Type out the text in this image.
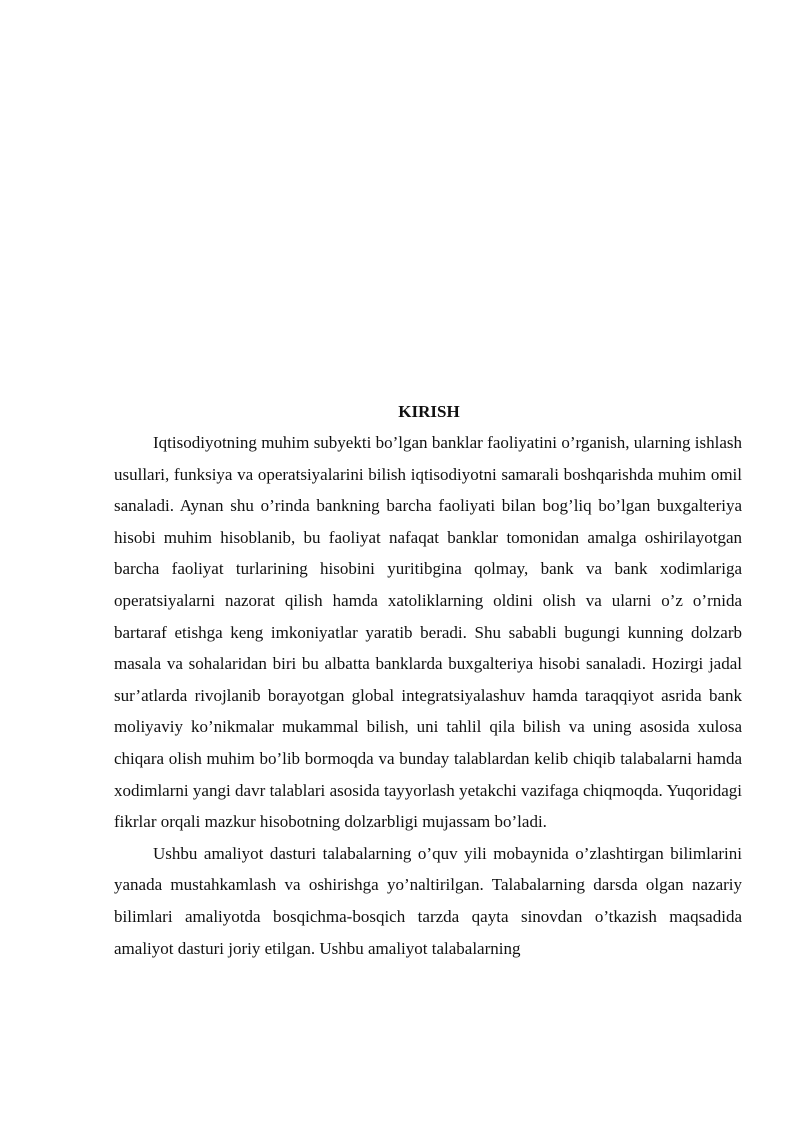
KIRISH

Iqtisodiyotning muhim subyekti bo’lgan banklar faoliyatini o’rganish, ularning ishlash usullari, funksiya va operatsiyalarini bilish iqtisodiyotni samarali boshqarishda muhim omil sanaladi. Aynan shu o’rinda bankning barcha faoliyati bilan bog’liq bo’lgan buxgalteriya hisobi muhim hisoblanib, bu faoliyat nafaqat banklar tomonidan amalga oshirilayotgan barcha faoliyat turlarining hisobini yuritibgina qolmay, bank va bank xodimlariga operatsiyalarni nazorat qilish hamda xatoliklarning oldini olish va ularni o’z o’rnida bartaraf etishga keng imkoniyatlar yaratib beradi. Shu sababli bugungi kunning dolzarb masala va sohalaridan biri bu albatta banklarda buxgalteriya hisobi sanaladi. Hozirgi jadal sur’atlarda rivojlanib borayotgan global integratsiyalashuv hamda taraqqiyot asrida bank moliyaviy ko’nikmalar mukammal bilish, uni tahlil qila bilish va uning asosida xulosa chiqara olish muhim bo’lib bormoqda va bunday talablardan kelib chiqib talabalarni hamda xodimlarni yangi davr talablari asosida tayyorlash yetakchi vazifaga chiqmoqda. Yuqoridagi fikrlar orqali mazkur hisobotning dolzarbligi mujassam bo’ladi.

Ushbu amaliyot dasturi talabalarning o’quv yili mobaynida o’zlashtirgan bilimlarini yanada mustahkamlash va oshirishga yo’naltirilgan. Talabalarning darsda olgan nazariy bilimlari amaliyotda bosqichma-bosqich tarzda qayta sinovdan o’tkazish maqsadida amaliyot dasturi joriy etilgan. Ushbu amaliyot talabalarning
